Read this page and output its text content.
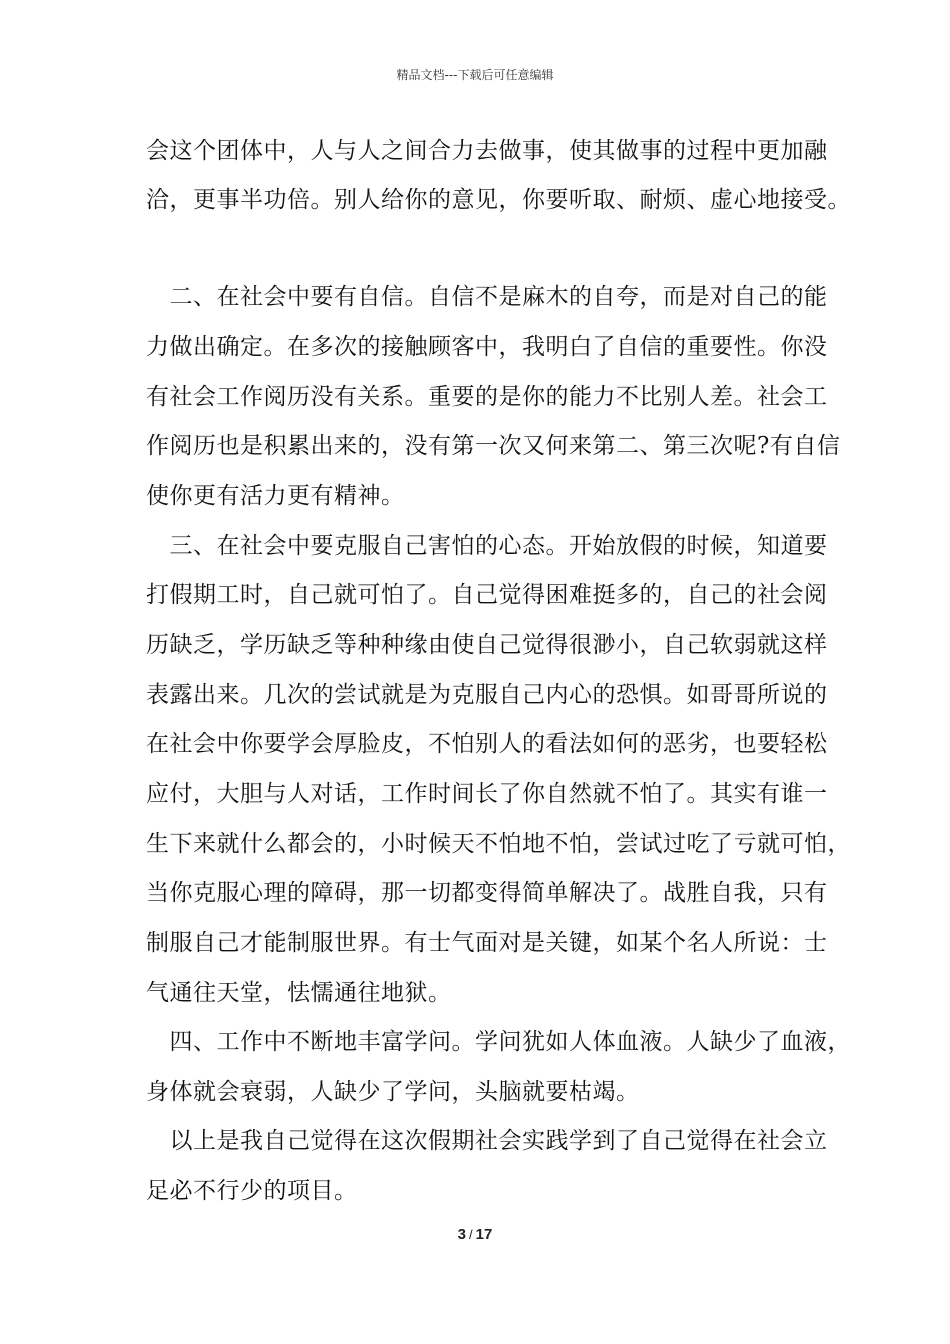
精品文档---下载后可任意编辑
会这个团体中，人与人之间合力去做事，使其做事的过程中更加融
洽，更事半功倍。别人给你的意见，你要听取、耐烦、虚心地接受。
　二、在社会中要有自信。自信不是麻木的自夸，而是对自己的能
力做出确定。在多次的接触顾客中，我明白了自信的重要性。你没
有社会工作阅历没有关系。重要的是你的能力不比别人差。社会工
作阅历也是积累出来的，没有第一次又何来第二、第三次呢?有自信
使你更有活力更有精神。
　三、在社会中要克服自己害怕的心态。开始放假的时候，知道要
打假期工时，自己就可怕了。自己觉得困难挺多的，自己的社会阅
历缺乏，学历缺乏等种种缘由使自己觉得很渺小，自己软弱就这样
表露出来。几次的尝试就是为克服自己内心的恐惧。如哥哥所说的
在社会中你要学会厚脸皮，不怕别人的看法如何的恶劣，也要轻松
应付，大胆与人对话，工作时间长了你自然就不怕了。其实有谁一
生下来就什么都会的，小时候天不怕地不怕，尝试过吃了亏就可怕，
当你克服心理的障碍，那一切都变得简单解决了。战胜自我，只有
制服自己才能制服世界。有士气面对是关键，如某个名人所说：士
气通往天堂，怯懦通往地狱。
　四、工作中不断地丰富学问。学问犹如人体血液。人缺少了血液，
身体就会衰弱，人缺少了学问，头脑就要枯竭。
　以上是我自己觉得在这次假期社会实践学到了自己觉得在社会立
足必不行少的项目。
3 / 17
